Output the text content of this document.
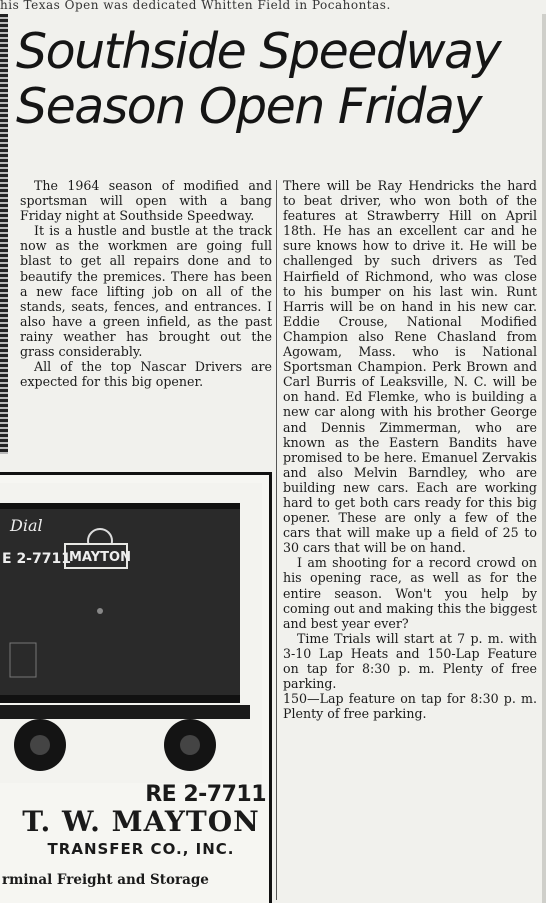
his Texas Open was dedicated Whitten Field in Pocahontas.
Southside Speedway
Season Open Friday

The 1964 season of modified and sportsman will open with a bang Friday night at Southside Speedway.

It is a hustle and bustle at the track now as the workmen are going full blast to get all repairs done and to beautify the premices. There has been a new face lifting job on all of the stands, seats, fences, and entrances. I also have a green infield, as the past rainy weather has brought out the grass considerably.

All of the top Nascar Drivers are expected for this big opener.

There will be Ray Hendricks the hard to beat driver, who won both of the features at Strawberry Hill on April 18th. He has an excellent car and he sure knows how to drive it. He will be challenged by such drivers as Ted Hairfield of Richmond, who was close to his bumper on his last win. Runt Harris will be on hand in his new car. Eddie Crouse, National Modified Champion also Rene Chasland from Agowam, Mass. who is National Sportsman Champion. Perk Brown and Carl Burris of Leaksville, N. C. will be on hand. Ed Flemke, who is building a new car along with his brother George and Dennis Zimmerman, who are known as the Eastern Bandits have promised to be here. Emanuel Zervakis and also Melvin Barndley, who are building new cars. Each are working hard to get both cars ready for this big opener. These are only a few of the cars that will make up a field of 25 to 30 cars that will be on hand.

I am shooting for a record crowd on his opening race, as well as for the entire season. Won't you help by coming out and making this the biggest and best year ever?

Time Trials will start at 7 p. m. with 3-10 Lap Heats and 150-Lap Feature on tap for 8:30 p. m. Plenty of free parking.

150—Lap feature on tap for 8:30 p. m. Plenty of free parking.

Dial
E 2-7711
MAYTON
RE 2-7711
T. W. MAYTON
TRANSFER CO., INC.
rminal Freight and Storage
